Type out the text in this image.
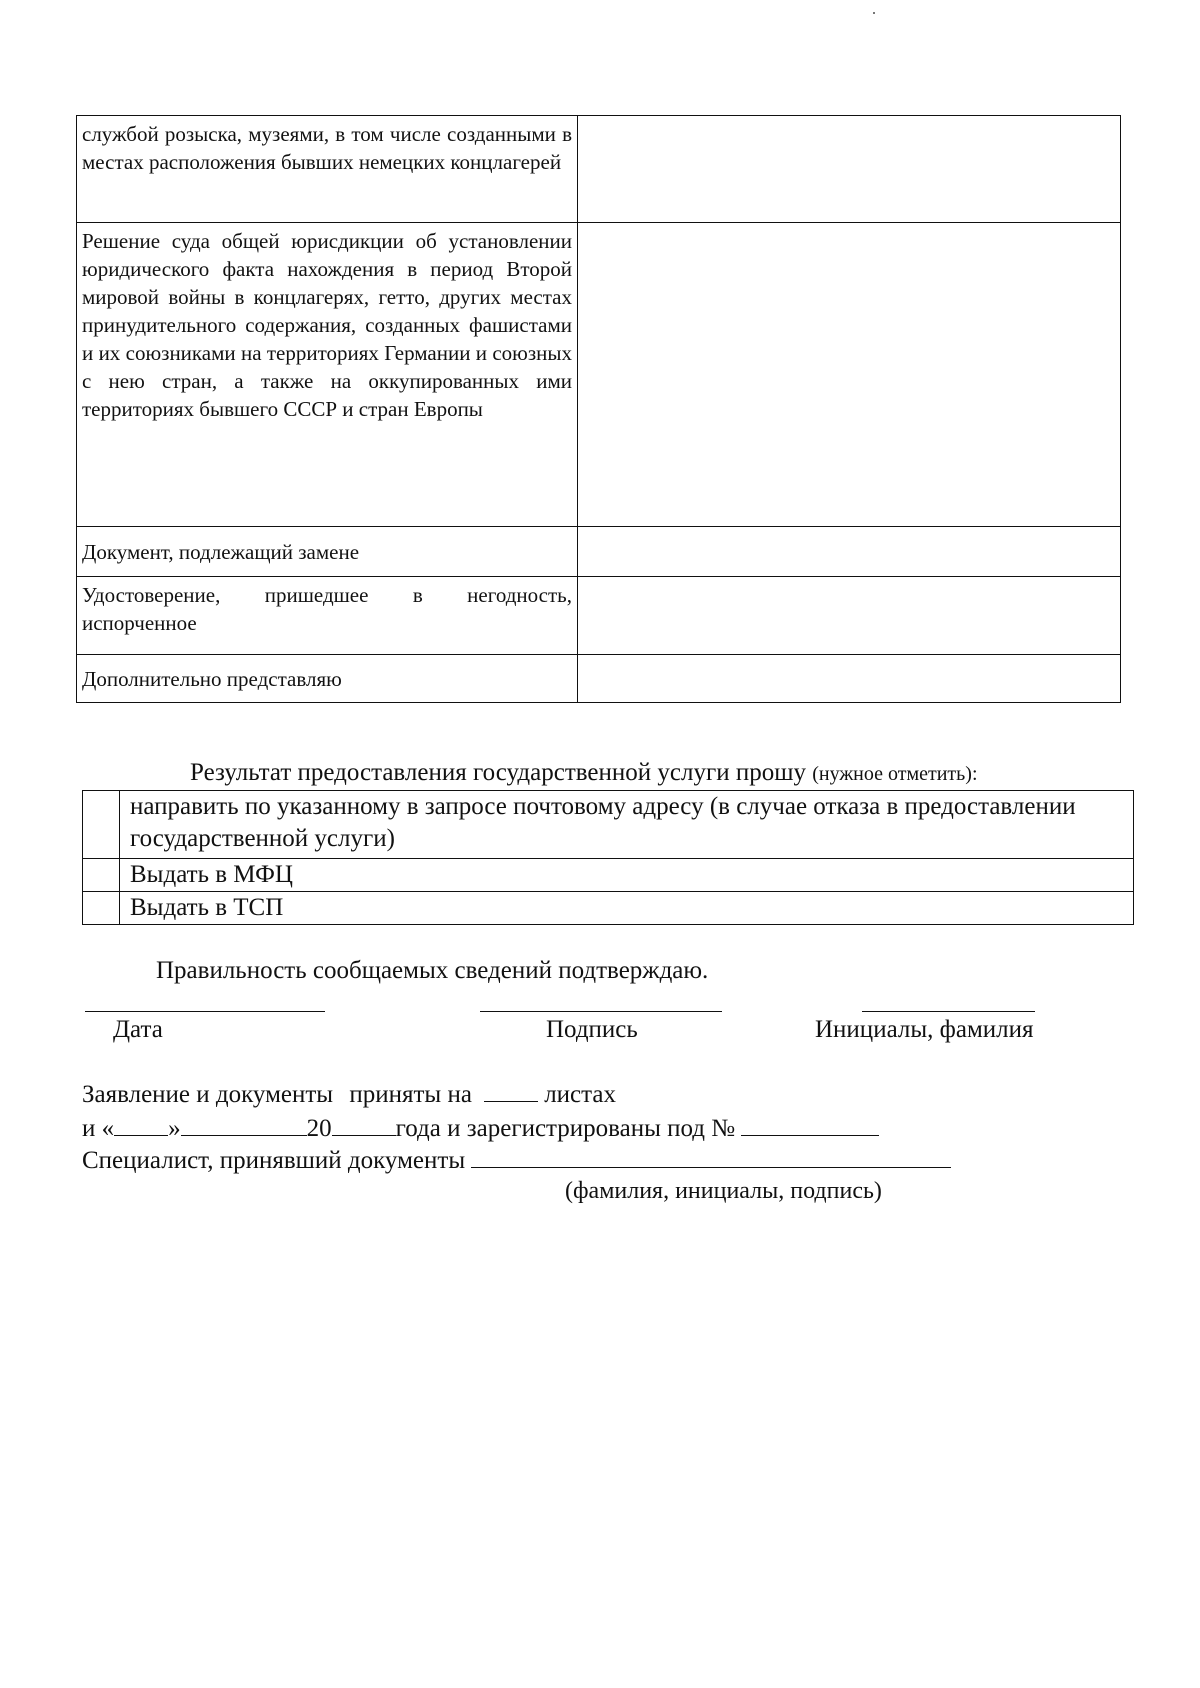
службой розыска, музеями, в том числе созданными в местах расположения бывших немецких концлагерей	
Решение суда общей юрисдикции об установлении юридического факта нахождения в период Второй мировой войны в концлагерях, гетто, других местах принудительного содержания, созданных фашистами и их союзниками на территориях Германии и союзных с нею стран, а также на оккупированных ими территориях бывшего СССР и стран Европы	
Документ, подлежащий замене	
Удостоверение, пришедшее в негодность, испорченное	
Дополнительно представляю	
Результат предоставления государственной услуги прошу (нужное отметить):
	направить по указанному в запросе почтовому адресу (в случае отказа в предоставлении государственной услуги)
	Выдать в МФЦ
	Выдать в ТСП
Правильность сообщаемых сведений подтверждаю.
Дата	Подпись	Инициалы, фамилия
Заявление и документы приняты на	листах
и « »	20	года и зарегистрированы под №
Специалист, принявший документы
(фамилия, инициалы, подпись)
